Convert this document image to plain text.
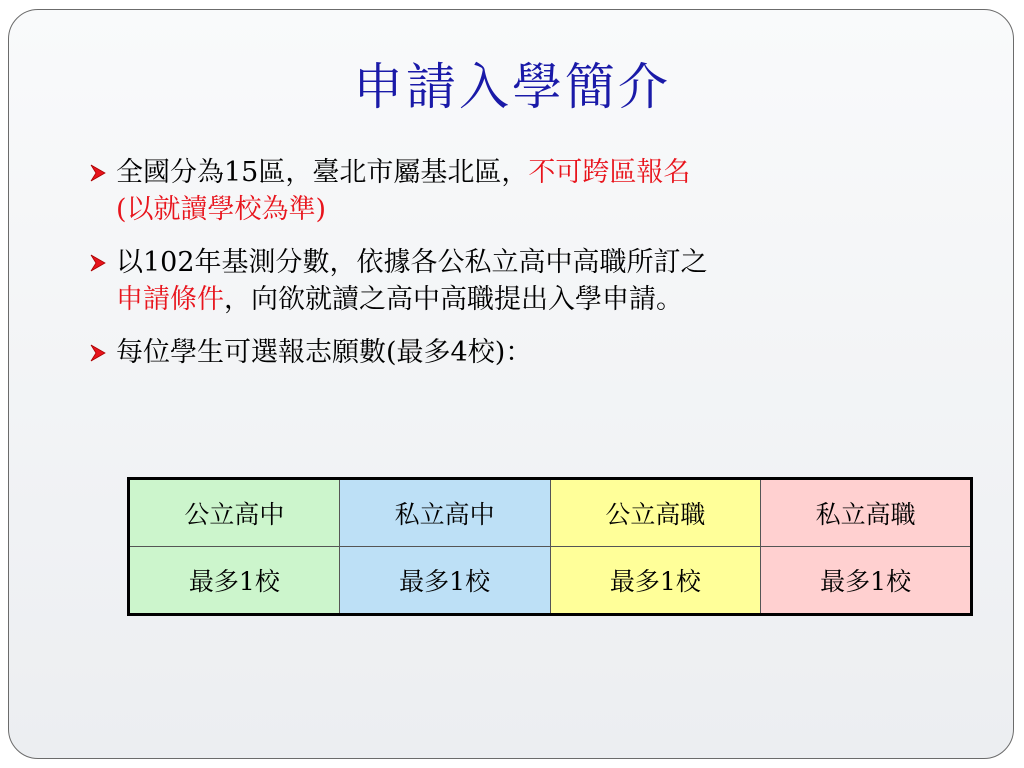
申請入學簡介
全國分為15區，臺北市屬基北區，不可跨區報名
(以就讀學校為準)
以102年基測分數，依據各公私立高中高職所訂之
申請條件，向欲就讀之高中高職提出入學申請。
每位學生可選報志願數(最多4校)：
公立高中	私立高中	公立高職	私立高職
最多1校	最多1校	最多1校	最多1校
